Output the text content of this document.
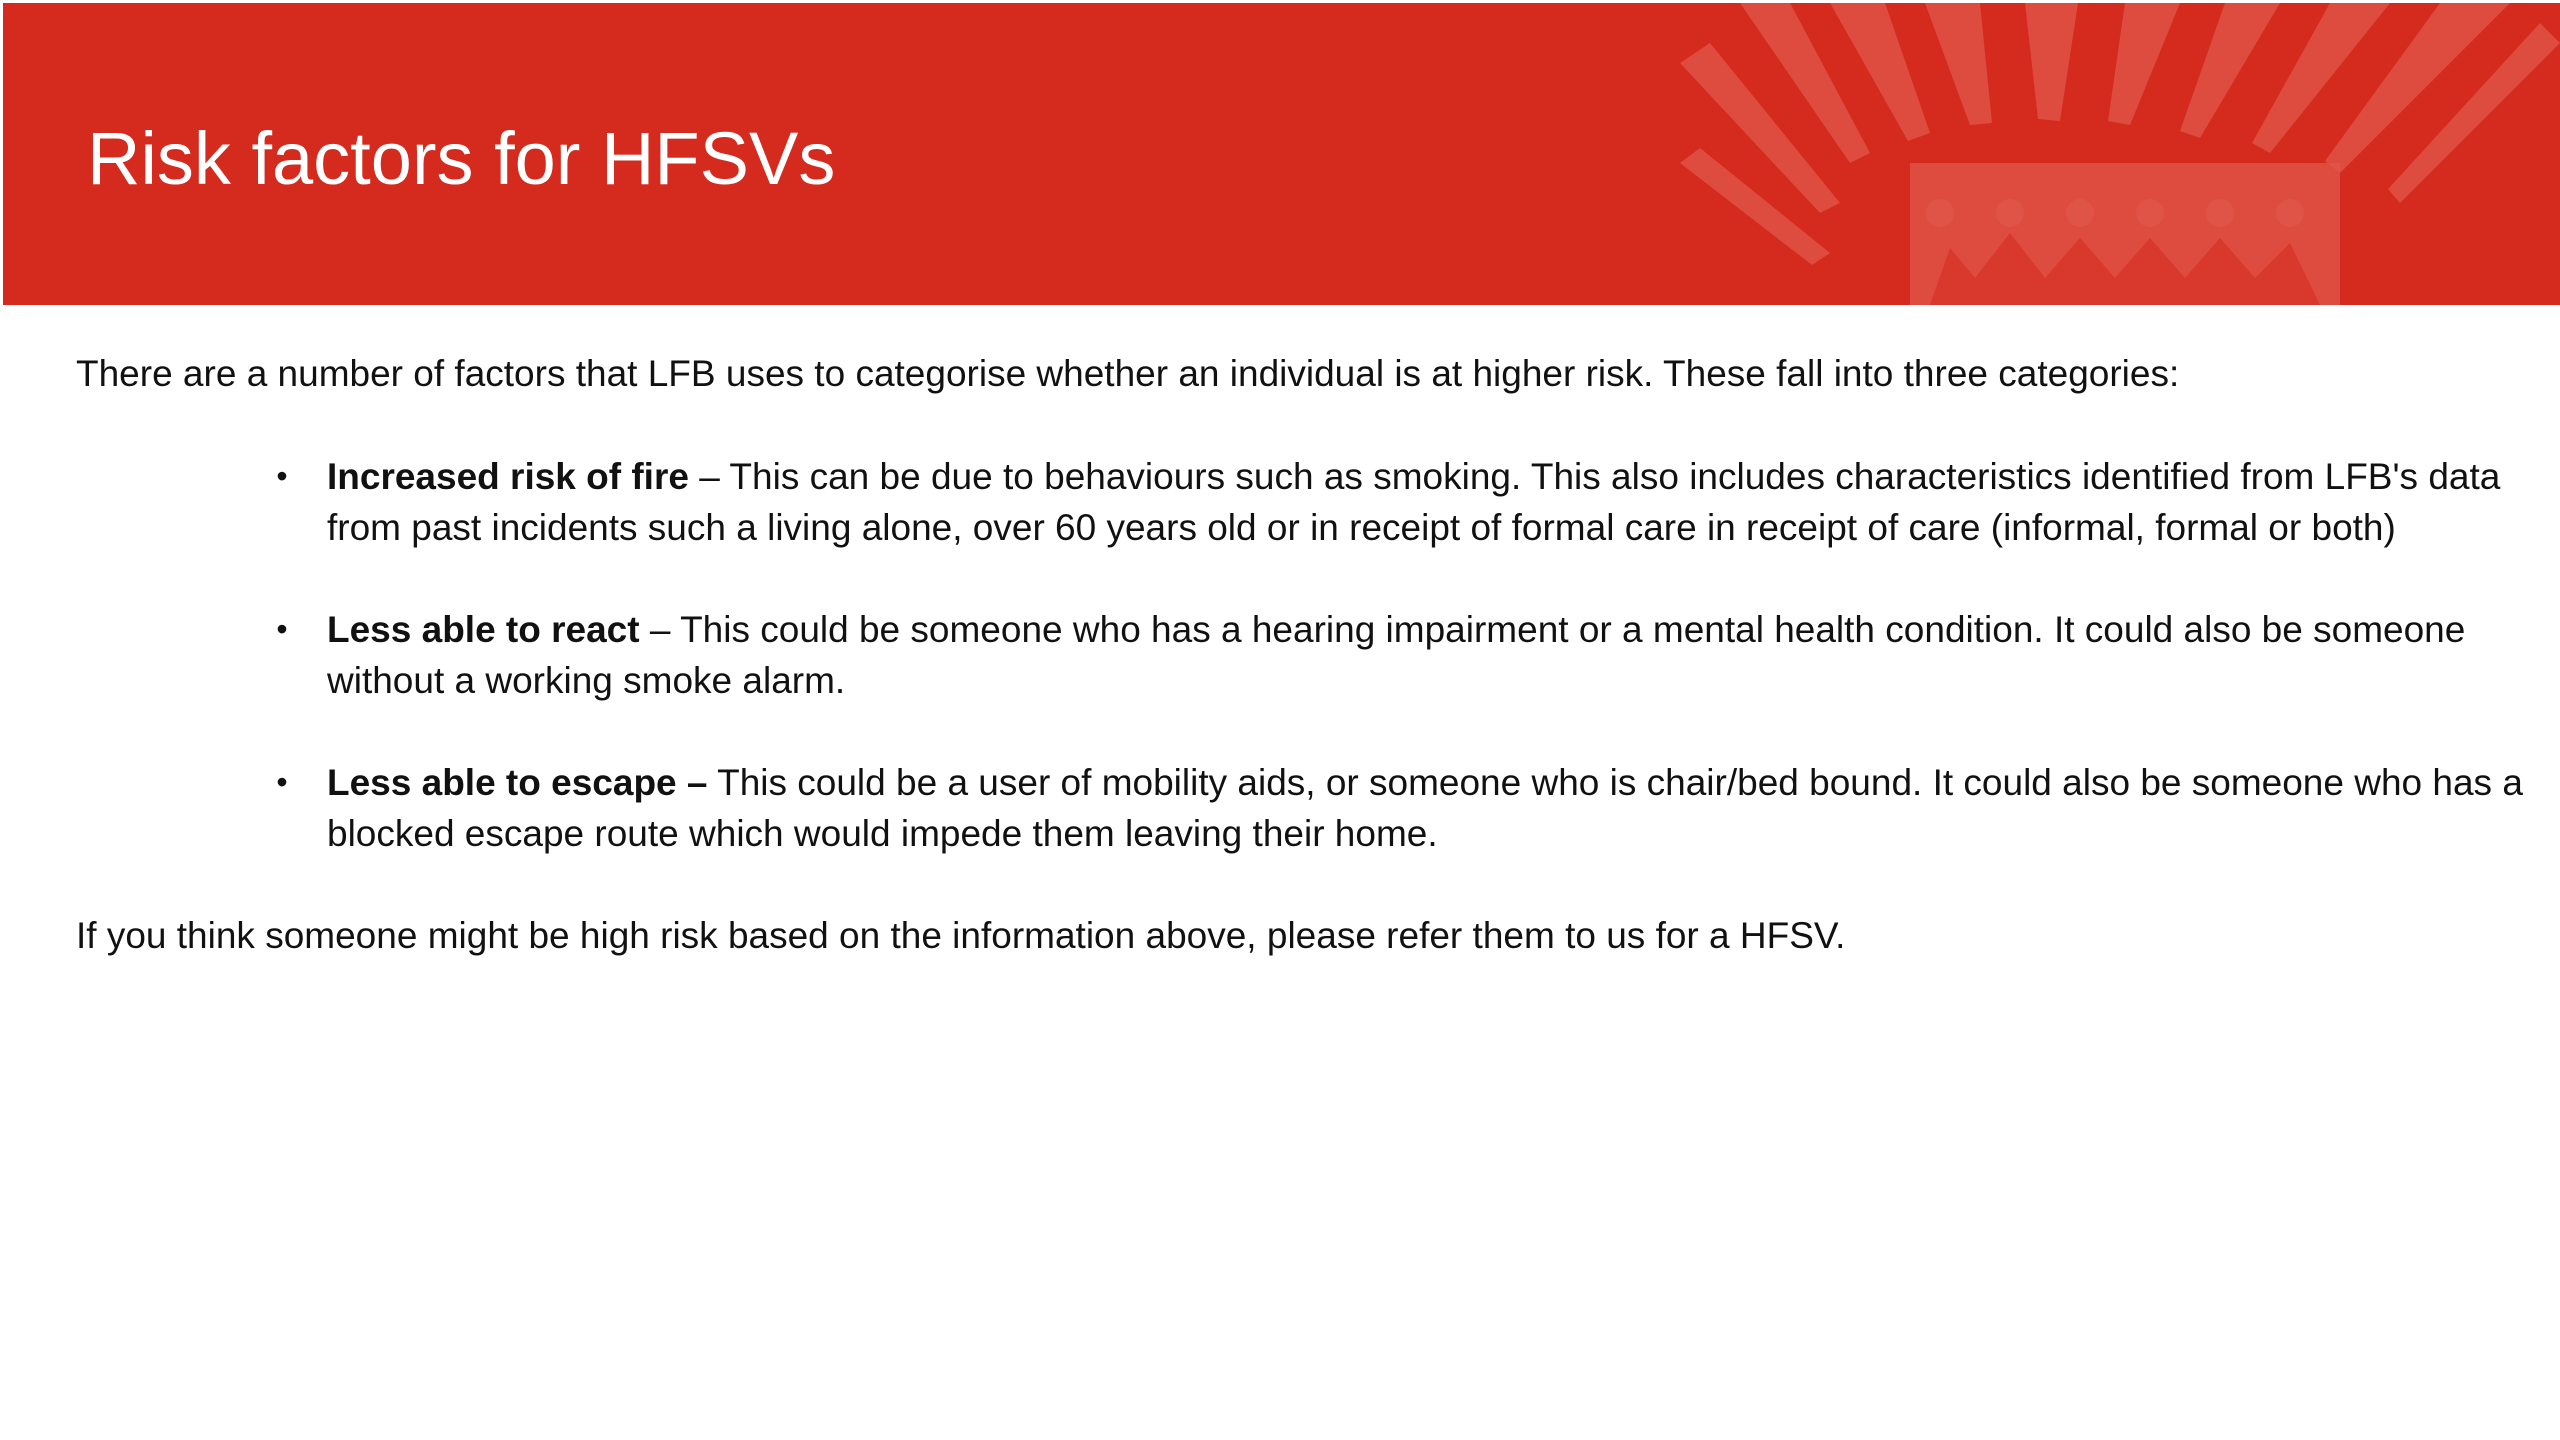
Risk factors for HFSVs

There are a number of factors that LFB uses to categorise whether an individual is at higher risk. These fall into three categories:

• Increased risk of fire – This can be due to behaviours such as smoking. This also includes characteristics identified from LFB's data from past incidents such a living alone, over 60 years old or in receipt of formal care in receipt of care (informal, formal or both)
• Less able to react – This could be someone who has a hearing impairment or a mental health condition. It could also be someone without a working smoke alarm.
• Less able to escape – This could be a user of mobility aids, or someone who is chair/bed bound. It could also be someone who has a blocked escape route which would impede them leaving their home.

If you think someone might be high risk based on the information above, please refer them to us for a HFSV.
